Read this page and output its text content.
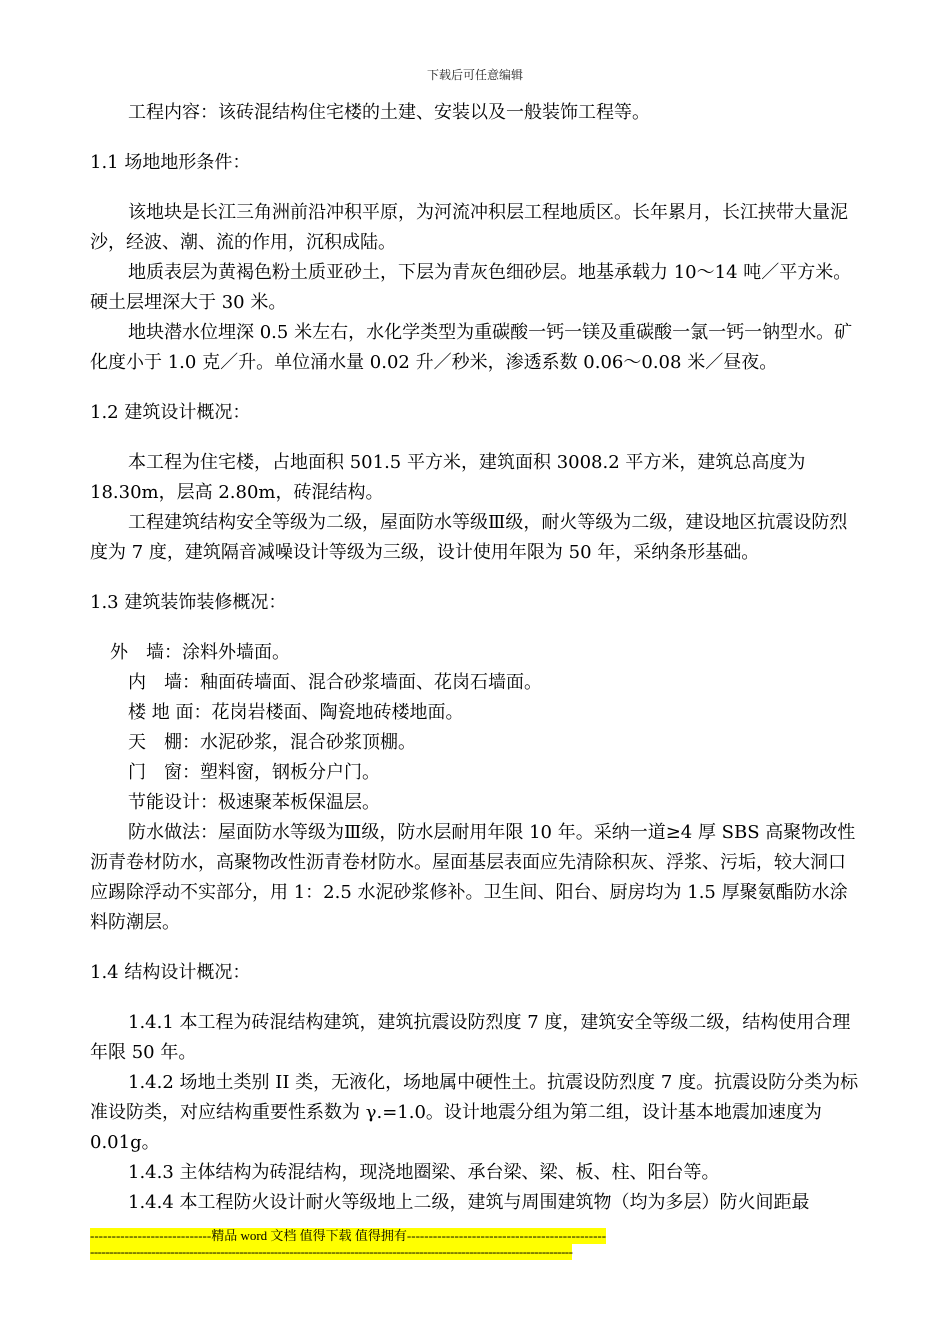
下载后可任意编辑

工程内容：该砖混结构住宅楼的土建、安装以及一般装饰工程等。

1.1 场地地形条件：

该地块是长江三角洲前沿冲积平原，为河流冲积层工程地质区。长年累月，长江挟带大量泥沙，经波、潮、流的作用，沉积成陆。

地质表层为黄褐色粉土质亚砂土，下层为青灰色细砂层。地基承载力 10～14 吨／平方米。硬土层埋深大于 30 米。

地块潜水位埋深 0.5 米左右，水化学类型为重碳酸一钙一镁及重碳酸一氯一钙一钠型水。矿化度小于 1.0 克／升。单位涌水量 0.02 升／秒米，渗透系数 0.06～0.08 米／昼夜。

1.2 建筑设计概况：

本工程为住宅楼，占地面积 501.5 平方米，建筑面积 3008.2 平方米，建筑总高度为 18.30m，层高 2.80m，砖混结构。

工程建筑结构安全等级为二级，屋面防水等级Ⅲ级，耐火等级为二级，建设地区抗震设防烈度为 7 度，建筑隔音减噪设计等级为三级，设计使用年限为 50 年，采纳条形基础。

1.3 建筑装饰装修概况：

外　墙：涂料外墙面。

内　墙：釉面砖墙面、混合砂浆墙面、花岗石墙面。

楼 地 面：花岗岩楼面、陶瓷地砖楼地面。

天　棚：水泥砂浆，混合砂浆顶棚。

门　窗：塑料窗，钢板分户门。

节能设计：极速聚苯板保温层。

防水做法：屋面防水等级为Ⅲ级，防水层耐用年限 10 年。采纳一道≥4 厚 SBS 高聚物改性沥青卷材防水，高聚物改性沥青卷材防水。屋面基层表面应先清除积灰、浮浆、污垢，较大洞口应踢除浮动不实部分，用 1：2.5 水泥砂浆修补。卫生间、阳台、厨房均为 1.5 厚聚氨酯防水涂料防潮层。

1.4 结构设计概况：

1.4.1 本工程为砖混结构建筑，建筑抗震设防烈度 7 度，建筑安全等级二级，结构使用合理年限 50 年。

1.4.2 场地土类别 II 类，无液化，场地属中硬性土。抗震设防烈度 7 度。抗震设防分类为标准设防类，对应结构重要性系数为 γ.=1.0。设计地震分组为第二组，设计基本地震加速度为 0.01g。

1.4.3 主体结构为砖混结构，现浇地圈梁、承台梁、梁、板、柱、阳台等。

1.4.4 本工程防火设计耐火等级地上二级，建筑与周围建筑物（均为多层）防火间距最

----------------------------精品 word 文档 值得下载 值得拥有----------------------------------------------
------------------------------------------------------------------------------------------------------------------------------
